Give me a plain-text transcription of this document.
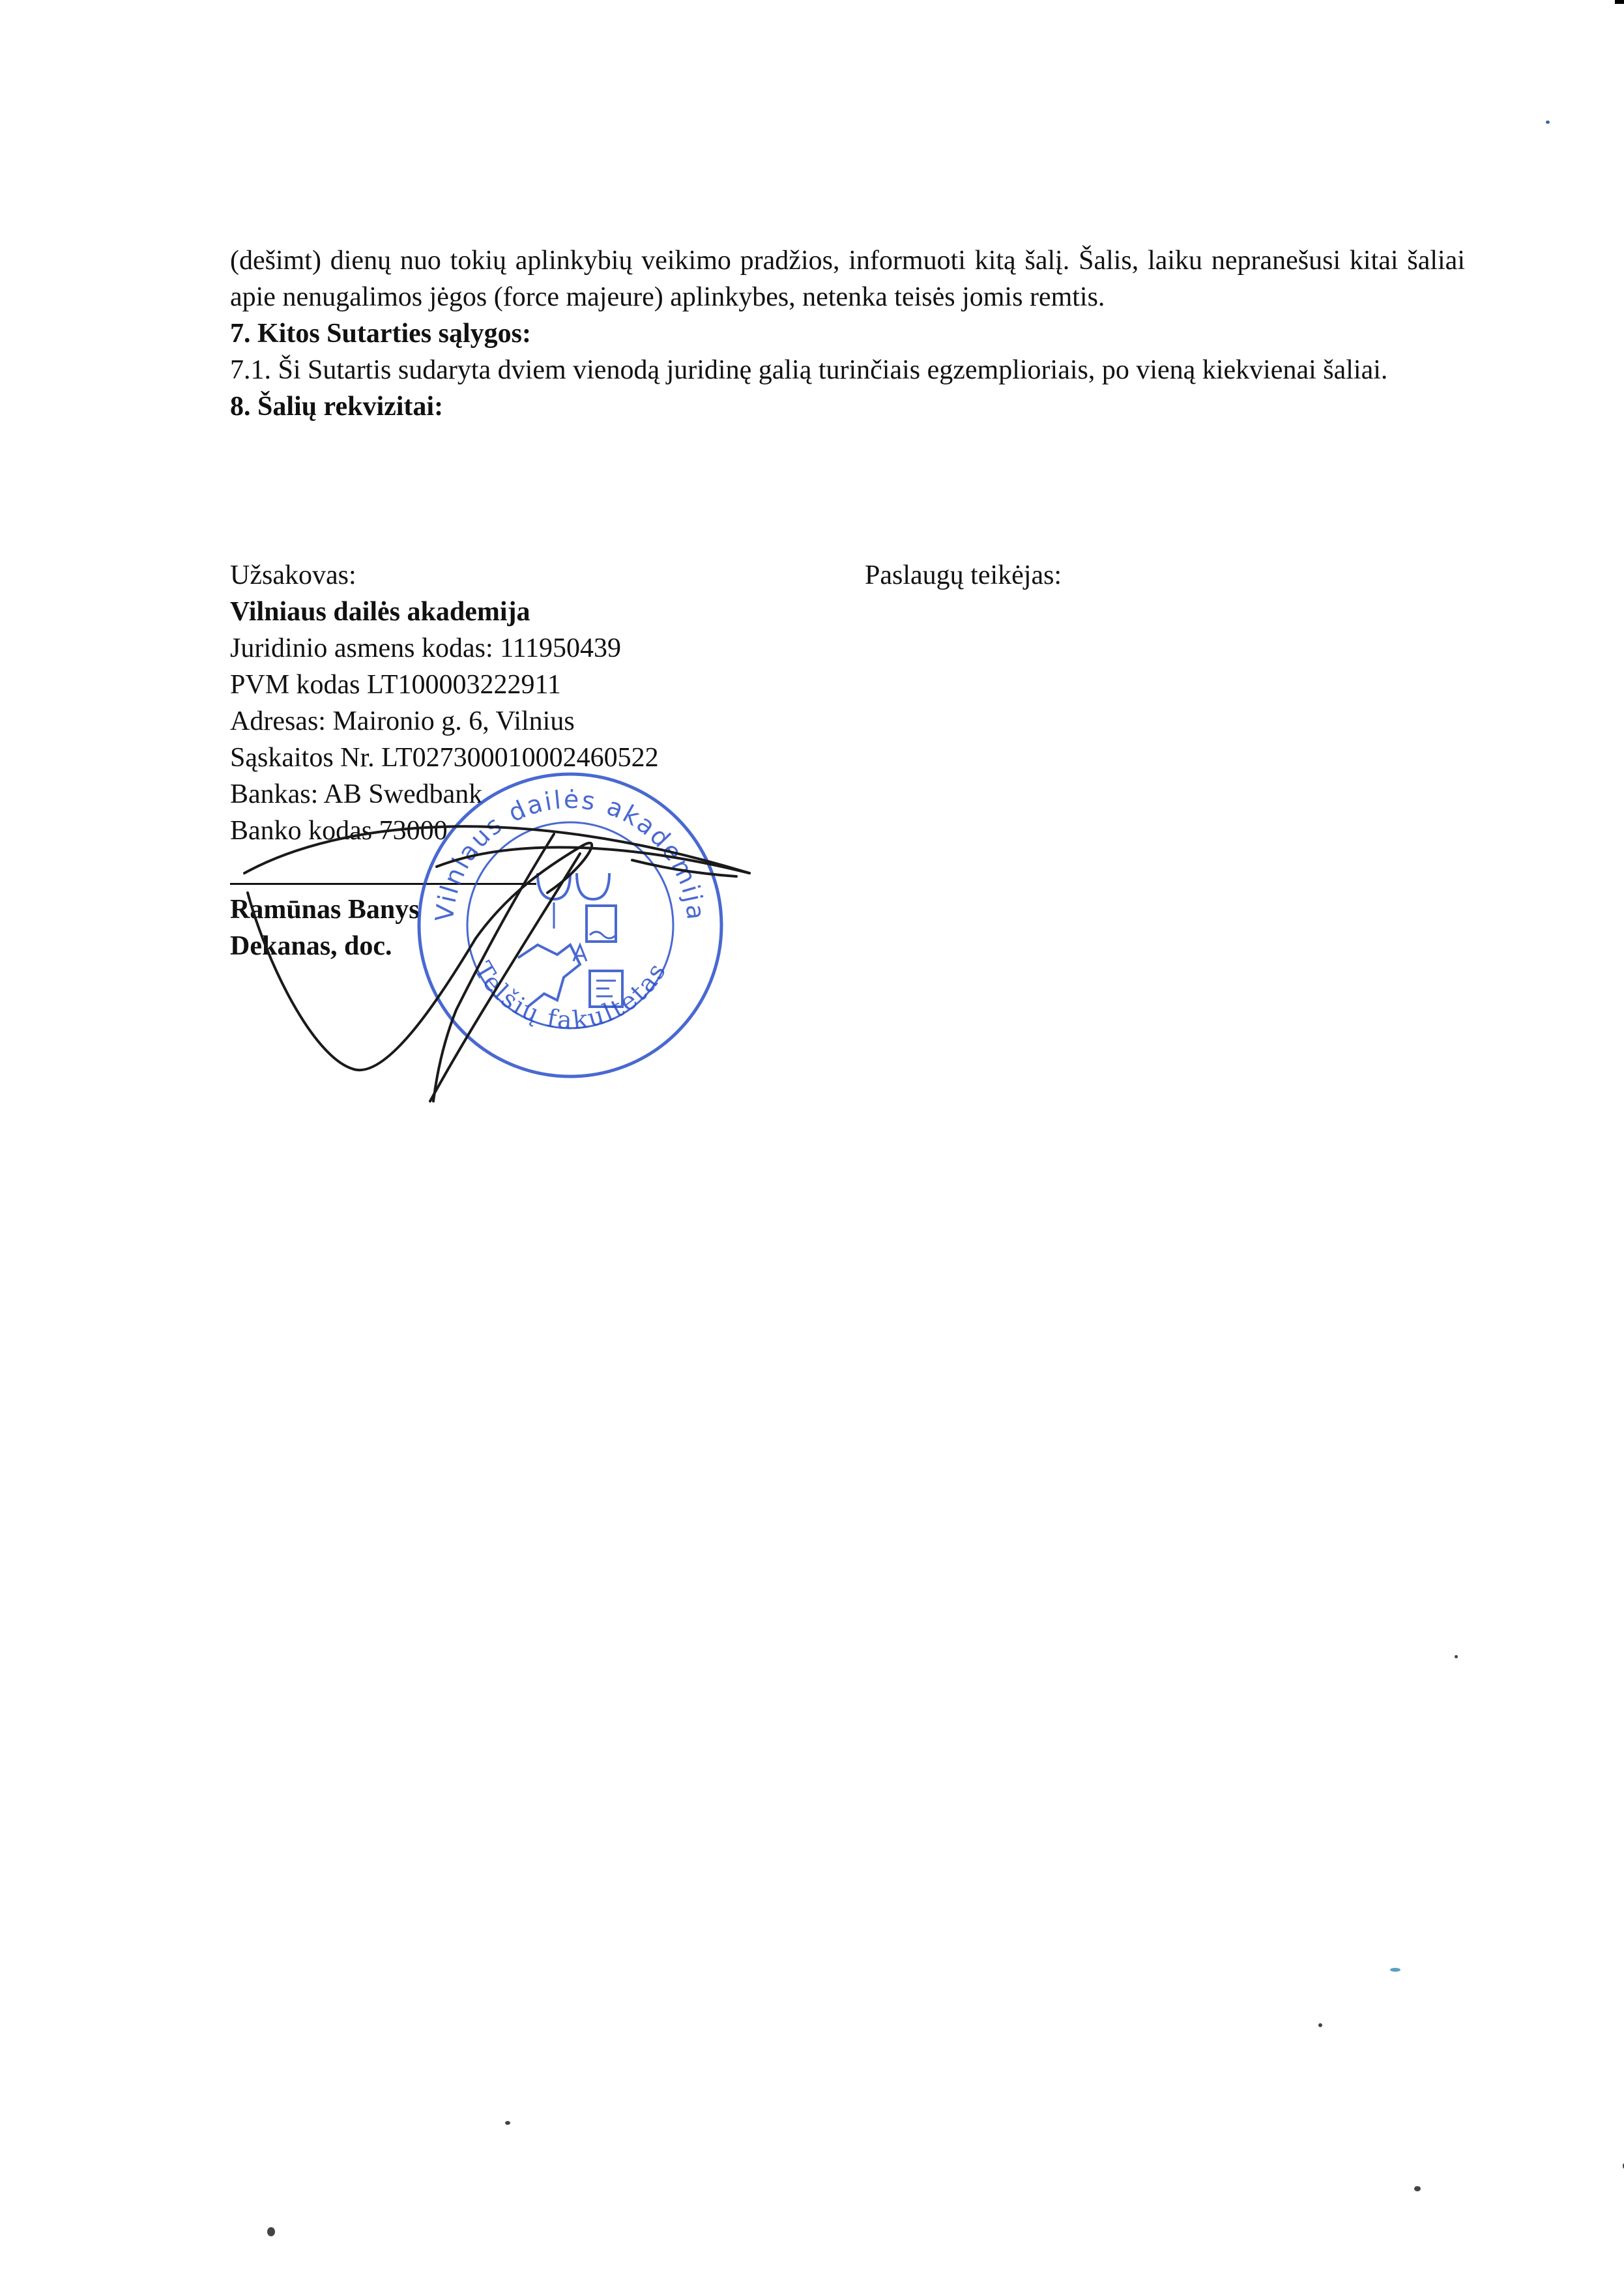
(dešimt) dienų nuo tokių aplinkybių veikimo pradžios, informuoti kitą šalį. Šalis, laiku nepranešusi kitai šaliai apie nenugalimos jėgos (force majeure) aplinkybes, netenka teisės jomis remtis.

7. Kitos Sutarties sąlygos:

7.1. Ši Sutartis sudaryta dviem vienodą juridinę galią turinčiais egzemplioriais, po vieną kiekvienai šaliai.

8. Šalių rekvizitai:

Užsakovas:
Vilniaus dailės akademija
Juridinio asmens kodas: 111950439
PVM kodas LT100003222911
Adresas: Maironio g. 6, Vilnius
Sąskaitos Nr. LT027300010002460522
Bankas: AB Swedbank
Banko kodas 73000
Paslaugų teikėjas:
Ramūnas Banys
Dekanas, doc.
Vilniaus dailės akademija
Telšių fakultetas
